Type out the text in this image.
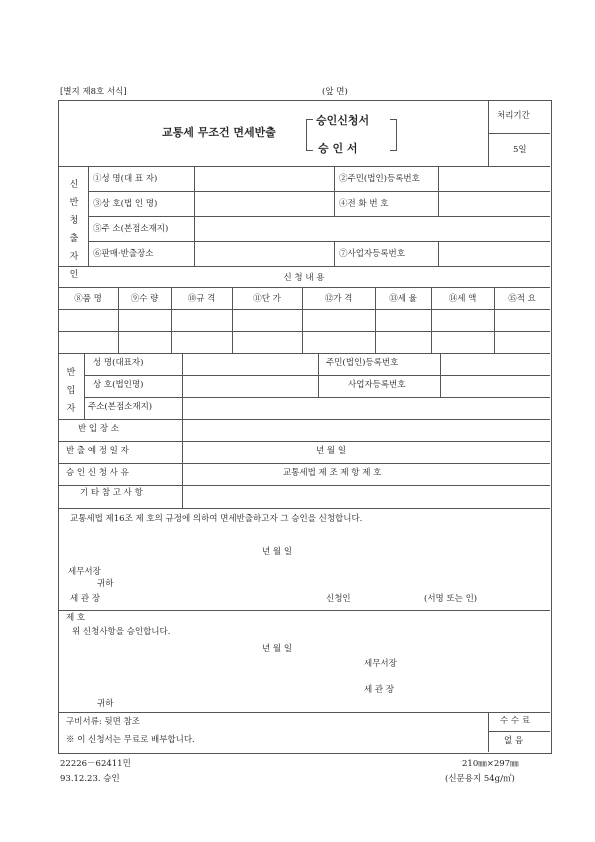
[별지 제8호 서식]	(앞 면)
교통세 무조건 면세반출
승인신청서
승 인 서
처리기간
5일
신
반
청
출
자
인
①성 명(대 표 자)	②주민(법인)등록번호
③상 호(법 인 명)	④전 화 번 호
⑤주 소(본점소재지)
⑥판매·반출장소	⑦사업자등록번호
신 청 내 용
⑧품 명	⑨수 량	⑩규 격	⑪단 가	⑫가 격	⑬세 율	⑭세 액	⑮적 요
반
입
자
성 명(대표자)	주민(법인)등록번호
상 호(법인명)	사업자등록번호
주소(본점소재지)
반 입 장 소
반 출 예 정 일 자	년 월 일
승 인 신 청 사 유	교통세법 제 조 제 항 제 호
기 타 참 고 사 항
교통세법 제16조 제 호의 규정에 의하여 면세반출하고자 그 승인을 신청합니다.
년 월 일
세무서장
귀하
세 관 장	신청인	(서명 또는 인)
제 호
위 신청사항을 승인합니다.
년 월 일
세무서장
세 관 장
귀하
구비서류: 뒷면 참조
※ 이 신청서는 무료로 배부합니다.
수 수 료
없 음
22226－62411민
93.12.23. 승인
210㎜×297㎜
(신문용지 54g/㎡)
